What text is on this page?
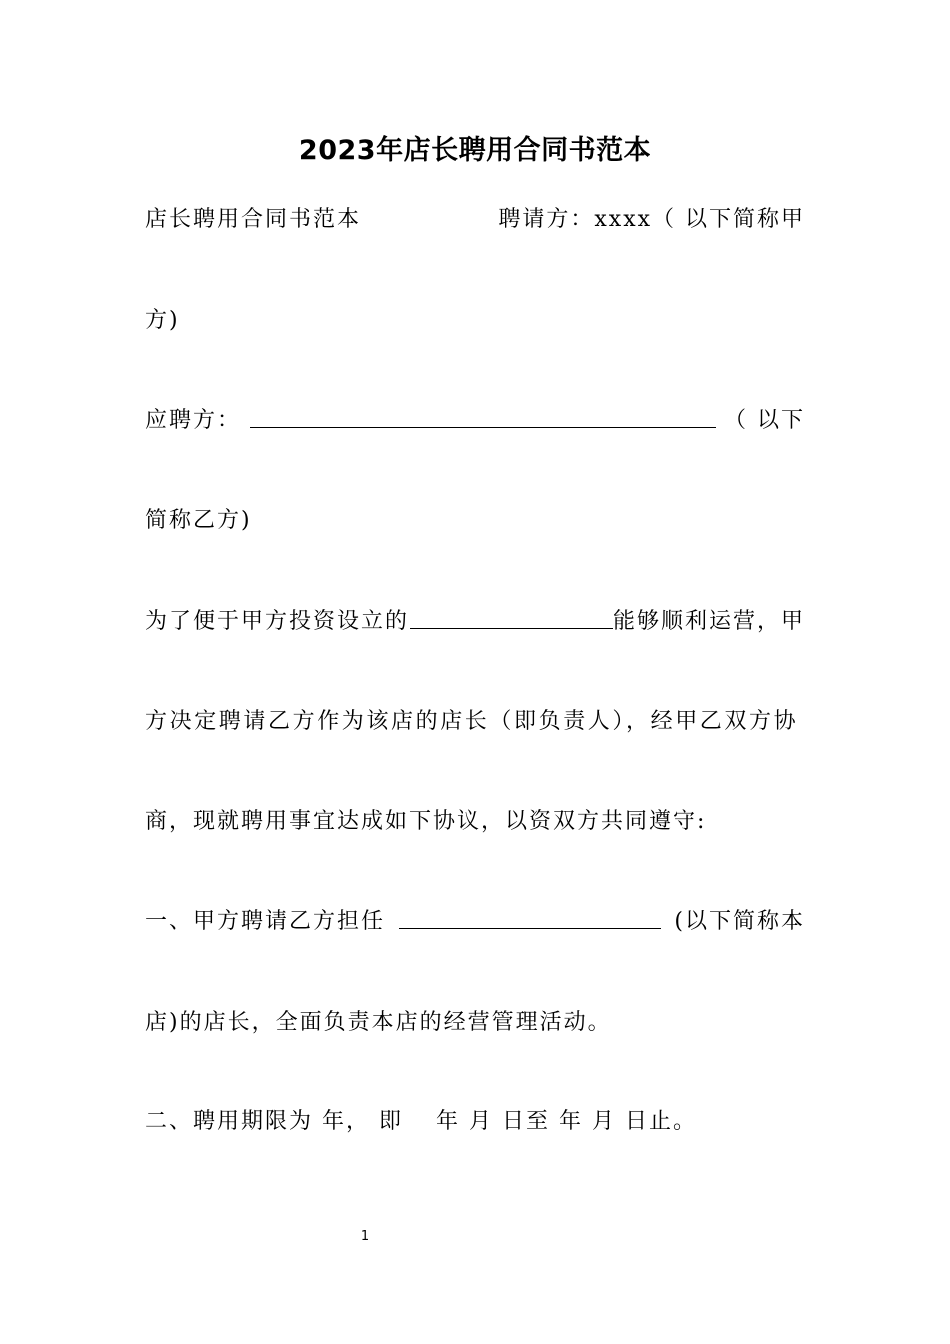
2023年店长聘用合同书范本
店长聘用合同书范本	聘请方：xxxx（ 以下简称甲
方)
应聘方：	（ 以下
简称乙方)
为了便于甲方投资设立的	能够顺利运营，甲
方决定聘请乙方作为该店的店长（即负责人），经甲乙双方协
商，现就聘用事宜达成如下协议，以资双方共同遵守:
一、甲方聘请乙方担任	(以下简称本
店)的店长，全面负责本店的经营管理活动。
二、聘用期限为 年， 即　 年 月 日至 年 月 日止。
1
